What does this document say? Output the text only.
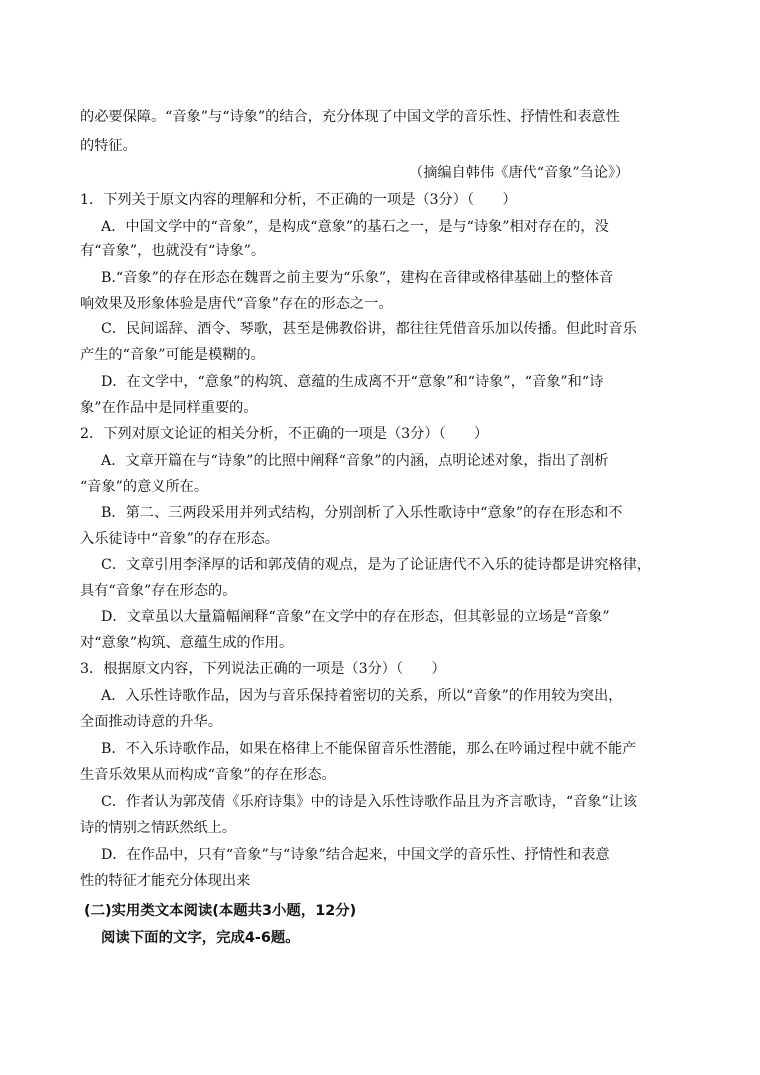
的必要保障。“音象”与“诗象”的结合，充分体现了中国文学的音乐性、抒情性和表意性
的特征。
（摘编自韩伟《唐代“音象”刍论》）
1．下列关于原文内容的理解和分析，不正确的一项是（3分）（　　）
A．中国文学中的“音象”，是构成“意象”的基石之一，是与“诗象”相对存在的，没
有“音象”，也就没有“诗象”。
B.“音象”的存在形态在魏晋之前主要为“乐象”，建构在音律或格律基础上的整体音
响效果及形象体验是唐代“音象”存在的形态之一。
C．民间谣辞、酒令、琴歌，甚至是佛教俗讲，都往往凭借音乐加以传播。但此时音乐
产生的“音象”可能是模糊的。
D．在文学中，“意象”的构筑、意蕴的生成离不开“意象”和“诗象”，“音象”和“诗
象”在作品中是同样重要的。
2．下列对原文论证的相关分析，不正确的一项是（3分）（　　）
A．文章开篇在与“诗象”的比照中阐释“音象”的内涵，点明论述对象，指出了剖析
“音象”的意义所在。
B．第二、三两段采用并列式结构，分别剖析了入乐性歌诗中“意象”的存在形态和不
入乐徒诗中“音象”的存在形态。
C．文章引用李泽厚的话和郭茂倩的观点，是为了论证唐代不入乐的徒诗都是讲究格律，
具有“音象”存在形态的。
D．文章虽以大量篇幅阐释“音象”在文学中的存在形态，但其彰显的立场是“音象”
对“意象”构筑、意蕴生成的作用。
3．根据原文内容，下列说法正确的一项是（3分）（　　）
A．入乐性诗歌作品，因为与音乐保持着密切的关系，所以“音象”的作用较为突出，
全面推动诗意的升华。
B．不入乐诗歌作品，如果在格律上不能保留音乐性潜能，那么在吟诵过程中就不能产
生音乐效果从而构成“音象”的存在形态。
C．作者认为郭茂倩《乐府诗集》中的诗是入乐性诗歌作品且为齐言歌诗，“音象”让该
诗的情别之情跃然纸上。
D．在作品中，只有“音象”与“诗象”结合起来，中国文学的音乐性、抒情性和表意
性的特征才能充分体现出来
(二)实用类文本阅读(本题共3小题，12分)
阅读下面的文字，完成4-6题。
